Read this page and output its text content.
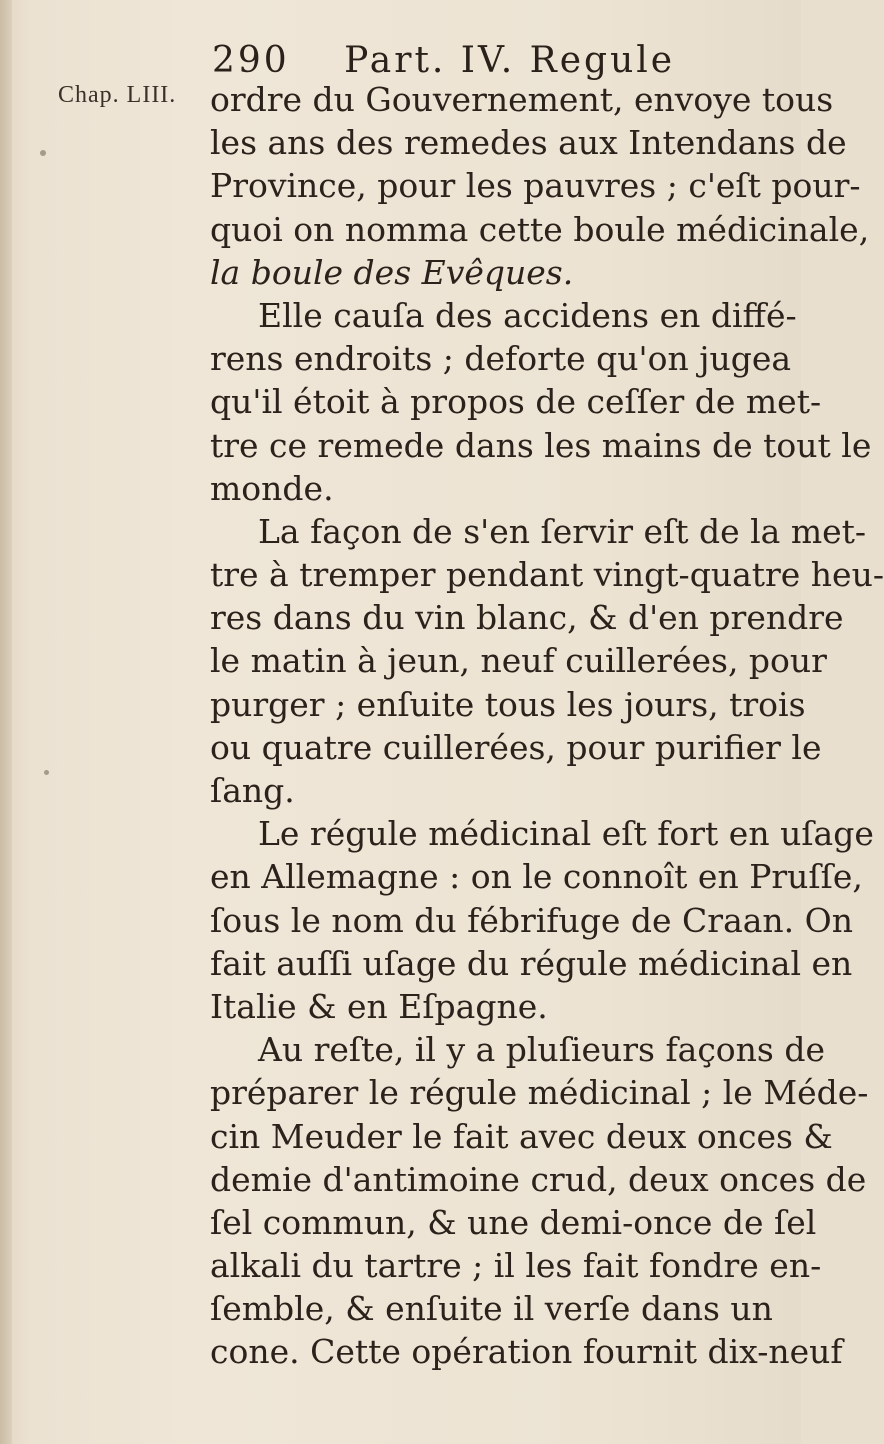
290 Part. IV. Regule
Chap. LIII. ordre du Gouvernement, envoye tous
les ans des remedes aux Intendans de
Province, pour les pauvres ; c'eſt pour-
quoi on nomma cette boule médicinale,
la boule des Evêques.
Elle cauſa des accidens en diffé-
rens endroits ; deforte qu'on jugea
qu'il étoit à propos de ceſſer de met-
tre ce remede dans les mains de tout le
monde.
La façon de s'en ſervir eſt de la met-
tre à tremper pendant vingt-quatre heu-
res dans du vin blanc, & d'en prendre
le matin à jeun, neuf cuillerées, pour
purger ; enſuite tous les jours, trois
ou quatre cuillerées, pour purifier le
ſang.
Le régule médicinal eſt fort en uſage
en Allemagne : on le connoît en Pruſſe,
ſous le nom du fébrifuge de Craan. On
fait auſſi uſage du régule médicinal en
Italie & en Eſpagne.
Au reſte, il y a pluſieurs façons de
préparer le régule médicinal ; le Méde-
cin Meuder le fait avec deux onces &
demie d'antimoine crud, deux onces de
ſel commun, & une demi-once de ſel
alkali du tartre ; il les fait fondre en-
ſemble, & enſuite il verſe dans un
cone. Cette opération fournit dix-neuf
